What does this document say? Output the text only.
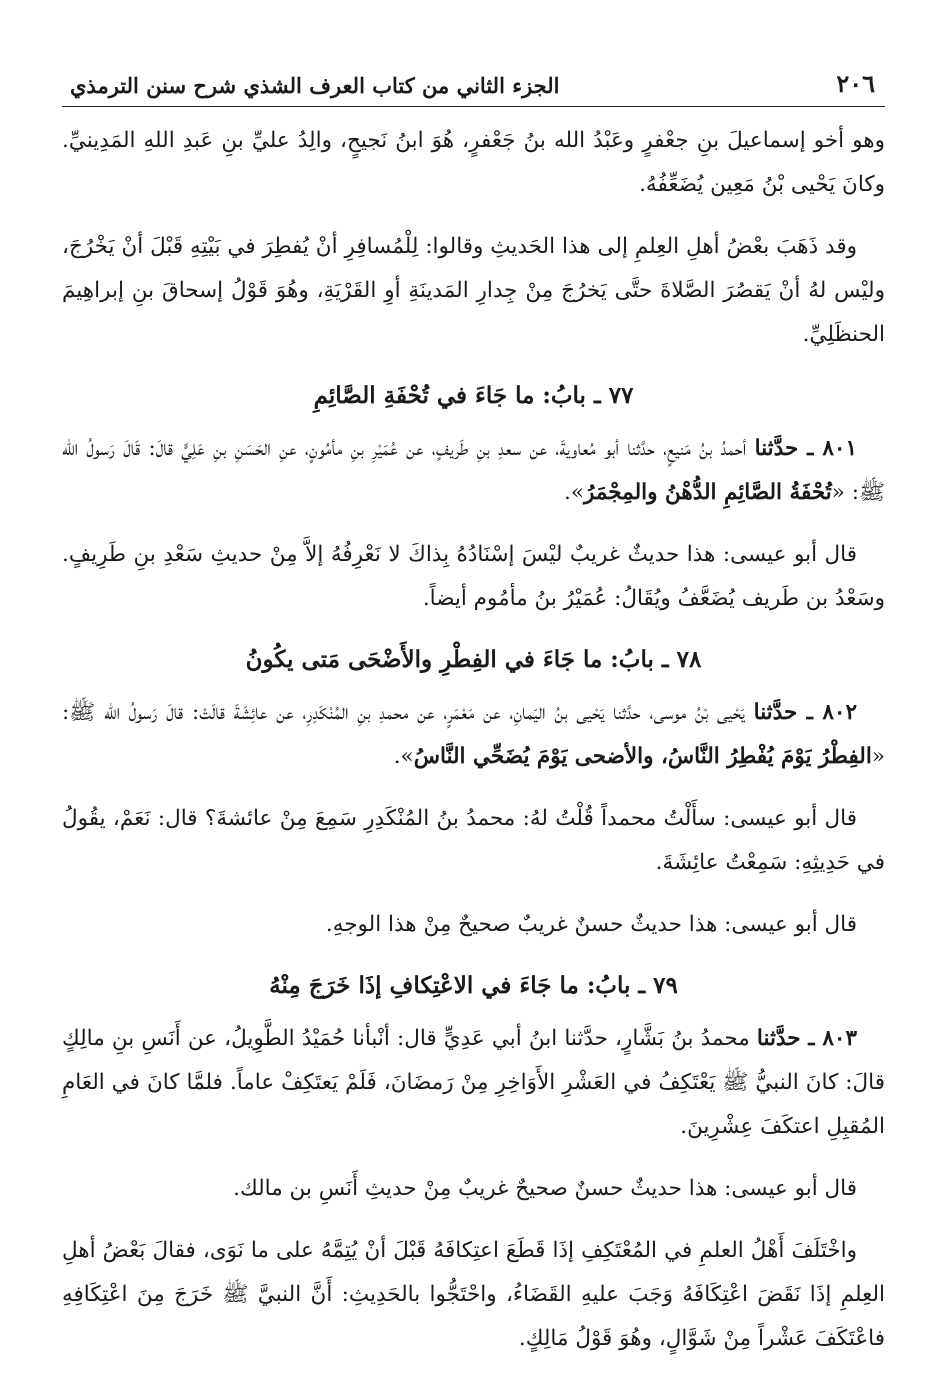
٢٠٦
الجزء الثاني من كتاب العرف الشذي شرح سنن الترمذي

وهو أخو إسماعيلَ بنِ جعْفرٍ وعَبْدُ الله بنُ جَعْفرٍ، هُوَ ابنُ نَجيحٍ، والِدُ عليِّ بنِ عَبدِ اللهِ المَدِينيِّ. وكانَ يَحْيى بْنُ مَعِين يُضَعِّفُهُ.

وقد ذَهَبَ بعْضُ أهلِ العِلمِ إلى هذا الحَديثِ وقالوا: لِلْمُسافِرِ أنْ يُفطِرَ في بَيْتِهِ قَبْلَ أنْ يَخْرُجَ، وليْس لهُ أنْ يَقصُرَ الصَّلاةَ حتَّى يَخرُجَ مِنْ جِدارِ المَدينَةِ أوِ القَرْيَةِ، وهُوَ قَوْلُ إسحاقَ بنِ إبراهِيمَ الحنظَلِيِّ.

٧٧ ـ بابُ: ما جَاءَ في تُحْفَةِ الصَّائِمِ

٨٠١ ـ حدَّثنا أحمدُ بنُ مَنيعٍ، حدَّثنا أبو مُعاويةَ، عن سعدِ بنِ طَريفٍ، عن عُمَيْرِ بنِ مأمُونٍ، عنِ الحَسَنِ بنِ عَلِيٍّ قالَ: قَالَ رَسولُ الله ﷺ: «تُحْفَةُ الصَّائِمِ الدُّهْنُ والمِجْمَرُ».

قال أبو عيسى: هذا حديثٌ غريبٌ ليْسَ إسْنَادُهُ بِذاكَ لا نَعْرِفُهُ إلاَّ مِنْ حديثِ سَعْدِ بنِ طَرِيفٍ. وسَعْدُ بن طَريف يُضَعَّفُ ويُقَالُ: عُمَيْرُ بنُ مأمُوم أيضاً.

٧٨ ـ بابُ: ما جَاءَ في الفِطْرِ والأَضْحَى مَتى يكُونُ

٨٠٢ ـ حدَّثنا يَحْيى بْنُ موسى، حدَّثنا يَحْيى بنُ اليَمانِ، عن مَعْمَرٍ، عن محمدِ بنِ المُنْكَدِرِ، عن عائِشَةَ قالَتْ: قالَ رَسولُ الله ﷺ: «الفِطْرُ يَوْمَ يُفْطِرُ النَّاسُ، والأضحى يَوْمَ يُضَحِّي النَّاسُ».

قال أبو عيسى: سأَلْتُ محمداً قُلْتُ لهُ: محمدُ بنُ المُنْكَدِرِ سَمِعَ مِنْ عائشةَ؟ قال: نَعَمْ، يقُولُ في حَدِيثِهِ: سَمِعْتُ عائِشَةَ.

قال أبو عيسى: هذا حديثٌ حسنٌ غريبٌ صحيحٌ مِنْ هذا الوجهِ.

٧٩ ـ بابُ: ما جَاءَ في الاعْتِكافِ إذَا خَرَجَ مِنْهُ

٨٠٣ ـ حدَّثنا محمدُ بنُ بَشَّارٍ، حدَّثنا ابنُ أبي عَدِيٍّ قال: أنْبأنا حُمَيْدُ الطَّوِيلُ، عن أَنَسِ بنِ مالِكٍ قالَ: كانَ النبيُّ ﷺ يَعْتَكِفُ في العَشْرِ الأَوَاخِرِ مِنْ رَمضَانَ، فَلَمْ يَعتَكِفْ عاماً. فلمَّا كانَ في العَامِ المُقبِلِ اعتكَفَ عِشْرِينَ.

قال أبو عيسى: هذا حديثٌ حسنٌ صحيحٌ غريبٌ مِنْ حديثِ أَنَسِ بن مالك.

واخْتَلَفَ أَهْلُ العلمِ في المُعْتَكِفِ إذَا قَطَعَ اعتِكافَهُ قَبْلَ أنْ يُتِمَّهُ على ما نَوَى، فقالَ بَعْضُ أهلِ العِلمِ إذَا نَقَضَ اعْتِكَافَهُ وَجَبَ عليهِ القَضَاءُ، واحْتَجُّوا بالحَدِيثِ: أَنَّ النبيَّ ﷺ خَرَجَ مِنَ اعْتِكَافِهِ فاعْتَكَفَ عَشْراً مِنْ شَوَّالٍ، وهُوَ قَوْلُ مَالِكٍ.
